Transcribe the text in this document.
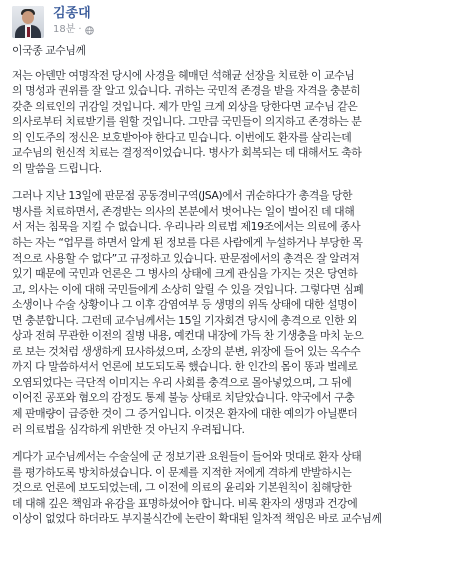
김종대
18분 ·

이국종 교수님께

저는 아덴만 여명작전 당시에 사경을 헤매던 석해균 선장을 치료한 이 교수님
의 명성과 권위를 잘 알고 있습니다. 귀하는 국민적 존경을 받을 자격을 충분히
갖춘 의료인의 귀감일 것입니다. 제가 만일 크게 외상을 당한다면 교수님 같은
의사로부터 치료받기를 원할 것입니다. 그만큼 국민들이 의지하고 존경하는 분
의 인도주의 정신은 보호받아야 한다고 믿습니다. 이번에도 환자를 살리는데
교수님의 헌신적 치료는 결정적이었습니다. 병사가 회복되는 데 대해서도 축하
의 말씀을 드립니다.

그러나 지난 13일에 판문점 공동경비구역(JSA)에서 귀순하다가 총격을 당한
병사를 치료하면서, 존경받는 의사의 본분에서 벗어나는 일이 벌어진 데 대해
서 저는 침묵을 지킬 수 없습니다. 우리나라 의료법 제19조에서는 의료에 종사
하는 자는 “업무를 하면서 알게 된 정보를 다른 사람에게 누설하거나 부당한 목
적으로 사용할 수 없다”고 규정하고 있습니다. 판문점에서의 총격은 잘 알려져
있기 때문에 국민과 언론은 그 병사의 상태에 크게 관심을 가지는 것은 당연하
고, 의사는 이에 대해 국민들에게 소상히 알릴 수 있을 것입니다. 그렇다면 심폐
소생이나 수술 상황이나 그 이후 감염여부 등 생명의 위독 상태에 대한 설명이
면 충분합니다. 그런데 교수님께서는 15일 기자회견 당시에 총격으로 인한 외
상과 전혀 무관한 이전의 질병 내용, 예컨대 내장에 가득 찬 기생충을 마치 눈으
로 보는 것처럼 생생하게 묘사하셨으며, 소장의 분변, 위장에 들어 있는 옥수수
까지 다 말씀하셔서 언론에 보도되도록 했습니다. 한 인간의 몸이 똥과 벌레로
오염되었다는 극단적 이미지는 우리 사회를 충격으로 몰아넣었으며, 그 뒤에
이어진 공포와 혐오의 감정도 통제 불능 상태로 치닫았습니다. 약국에서 구충
제 판매량이 급증한 것이 그 증거입니다. 이것은 환자에 대한 예의가 아닐뿐더
러 의료법을 심각하게 위반한 것 아닌지 우려됩니다.

게다가 교수님께서는 수술실에 군 정보기관 요원들이 들어와 멋대로 환자 상태
를 평가하도록 방치하셨습니다. 이 문제를 지적한 저에게 격하게 반발하시는
것으로 언론에 보도되었는데, 그 이전에 의료의 윤리와 기본원칙이 침해당한
데 대해 깊은 책임과 유감을 표명하셨어야 합니다. 비록 환자의 생명과 건강에
이상이 없었다 하더라도 부지불식간에 논란이 확대된 일차적 책임은 바로 교수님께
